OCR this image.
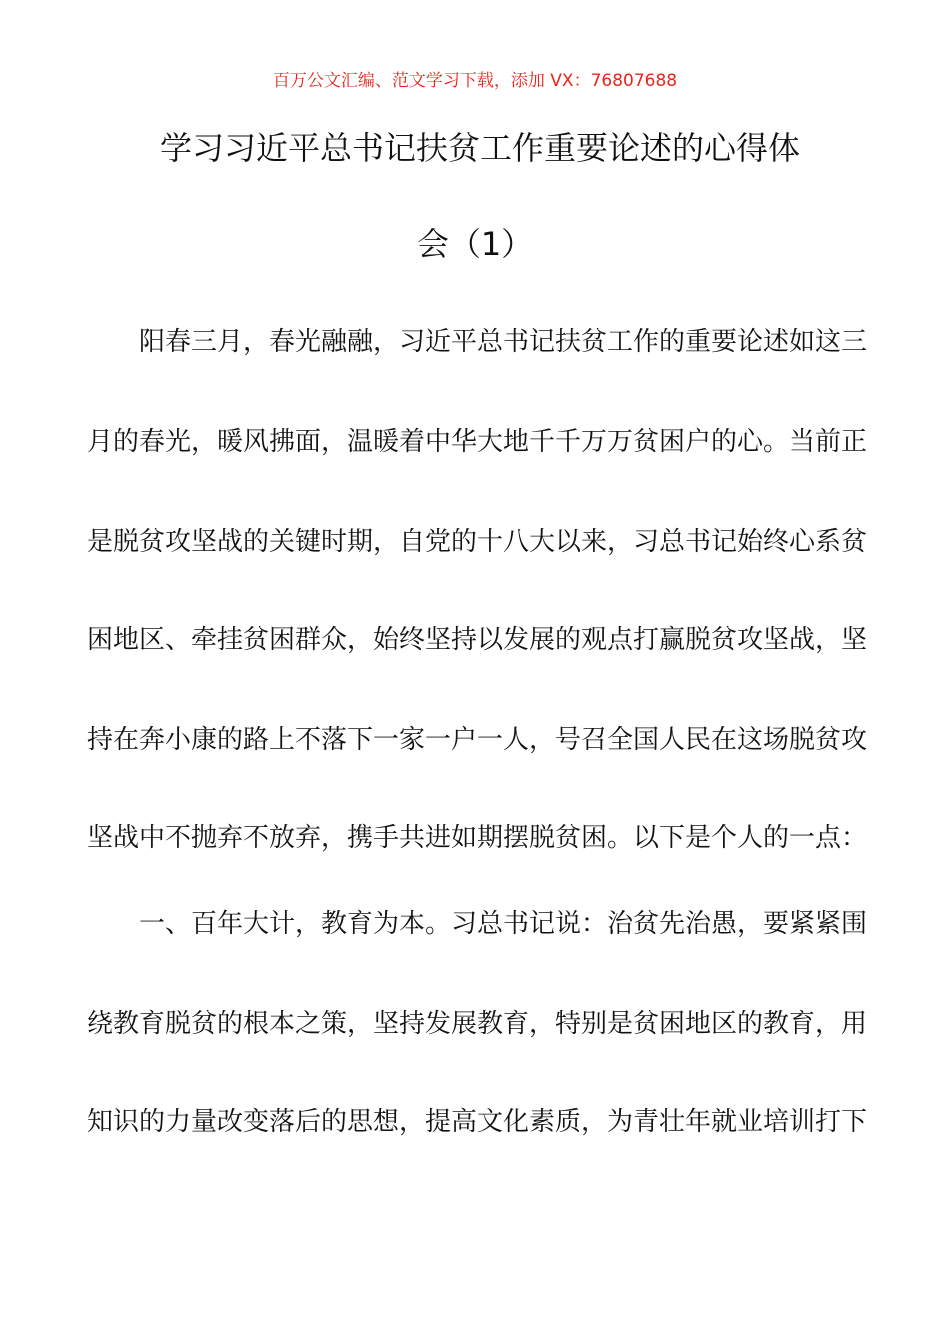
百万公文汇编、范文学习下载，添加 VX：76807688
学习习近平总书记扶贫工作重要论述的心得体
会（1）
阳春三月，春光融融，习近平总书记扶贫工作的重要论述如这三
月的春光，暖风拂面，温暖着中华大地千千万万贫困户的心。当前正
是脱贫攻坚战的关键时期，自党的十八大以来，习总书记始终心系贫
困地区、牵挂贫困群众，始终坚持以发展的观点打赢脱贫攻坚战，坚
持在奔小康的路上不落下一家一户一人，号召全国人民在这场脱贫攻
坚战中不抛弃不放弃，携手共进如期摆脱贫困。以下是个人的一点：
一、百年大计，教育为本。习总书记说：治贫先治愚，要紧紧围
绕教育脱贫的根本之策，坚持发展教育，特别是贫困地区的教育，用
知识的力量改变落后的思想，提高文化素质，为青壮年就业培训打下
